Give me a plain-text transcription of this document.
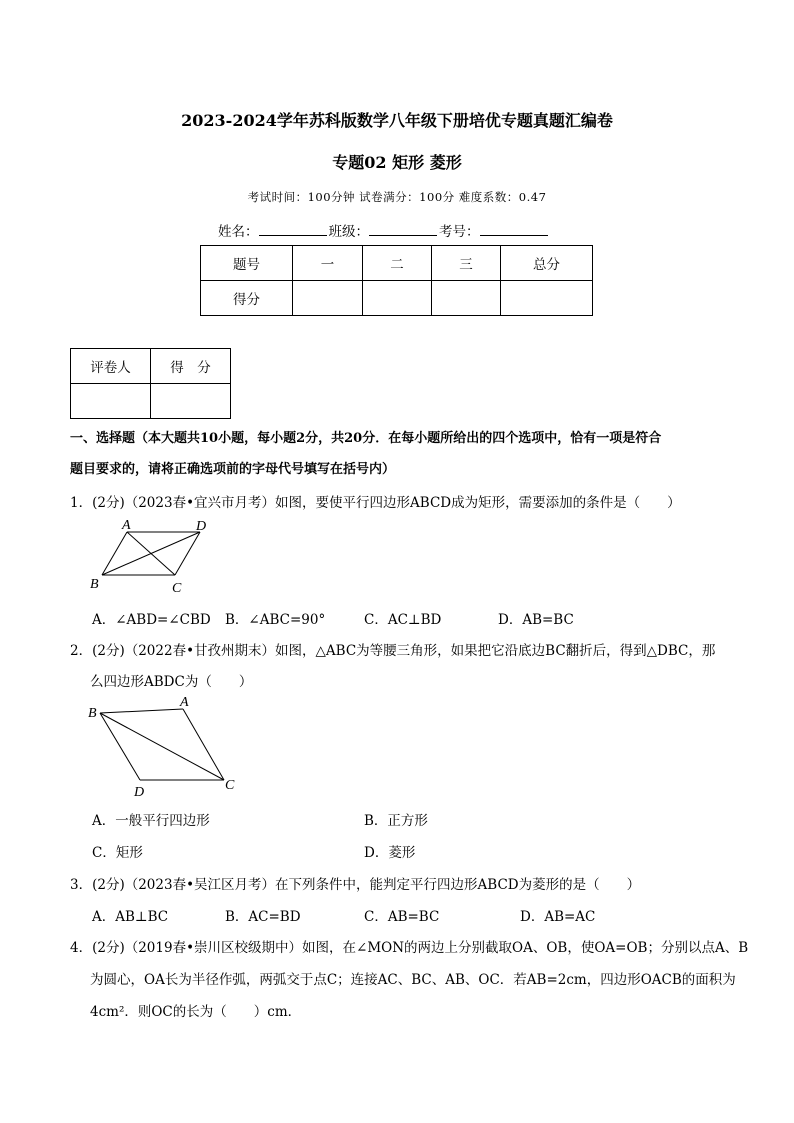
2023-2024学年苏科版数学八年级下册培优专题真题汇编卷
专题02 矩形 菱形
考试时间：100分钟 试卷满分：100分 难度系数：0.47
姓名：	班级：	考号：
题号	一	二	三	总分
得分				
评卷人	得　分

一、选择题（本大题共10小题，每小题2分，共20分．在每小题所给出的四个选项中，恰有一项是符合
题目要求的，请将正确选项前的字母代号填写在括号内）
1．(2分)（2023春•宜兴市月考）如图，要使平行四边形ABCD成为矩形，需要添加的条件是（　　）
A	D
B	C
A．∠ABD=∠CBD B．∠ABC=90°	C．AC⊥BD	D．AB=BC
2．(2分)（2022春•甘孜州期末）如图，△ABC为等腰三角形，如果把它沿底边BC翻折后，得到△DBC，那
么四边形ABDC为（　　）
B
A
D	C
A．一般平行四边形	B．正方形
C．矩形	D．菱形
3．(2分)（2023春•吴江区月考）在下列条件中，能判定平行四边形ABCD为菱形的是（　　）
A．AB⊥BC	B．AC=BD	C．AB=BC	D．AB=AC
4．(2分)（2019春•崇川区校级期中）如图，在∠MON的两边上分别截取OA、OB，使OA=OB；分别以点A、B
为圆心，OA长为半径作弧，两弧交于点C；连接AC、BC、AB、OC．若AB=2cm，四边形OACB的面积为
4cm²．则OC的长为（　　）cm．
